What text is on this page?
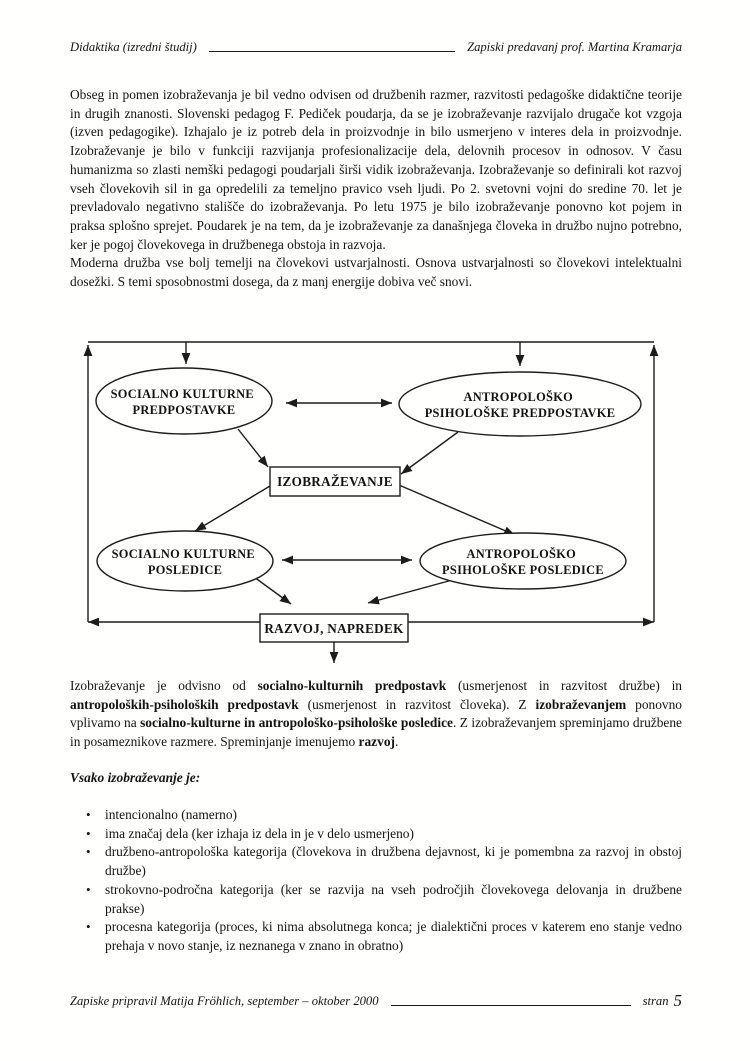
Didaktika (izredni študij)	Zapiski predavanj prof. Martina Kramarja

Obseg in pomen izobraževanja je bil vedno odvisen od družbenih razmer, razvitosti pedagoške didaktične teorije in drugih znanosti. Slovenski pedagog F. Pediček poudarja, da se je izobraževanje razvijalo drugače kot vzgoja (izven pedagogike). Izhajalo je iz potreb dela in proizvodnje in bilo usmerjeno v interes dela in proizvodnje. Izobraževanje je bilo v funkciji razvijanja profesionalizacije dela, delovnih procesov in odnosov. V času humanizma so zlasti nemški pedagogi poudarjali širši vidik izobraževanja. Izobraževanje so definirali kot razvoj vseh človekovih sil in ga opredelili za temeljno pravico vseh ljudi. Po 2. svetovni vojni do sredine 70. let je prevladovalo negativno stališče do izobraževanja. Po letu 1975 je bilo izobraževanje ponovno kot pojem in praksa splošno sprejet. Poudarek je na tem, da je izobraževanje za današnjega človeka in družbo nujno potrebno, ker je pogoj človekovega in družbenega obstoja in razvoja.

Moderna družba vse bolj temelji na človekovi ustvarjalnosti. Osnova ustvarjalnosti so človekovi intelektualni dosežki. S temi sposobnostmi dosega, da z manj energije dobiva več snovi.

SOCIALNO KULTURNE PREDPOSTAVKE
ANTROPOLOŠKO PSIHOLOŠKE PREDPOSTAVKE
SOCIALNO KULTURNE POSLEDICE
ANTROPOLOŠKO PSIHOLOŠKE POSLEDICE
IZOBRAŽEVANJE
RAZVOJ, NAPREDEK

Izobraževanje je odvisno od socialno-kulturnih predpostavk (usmerjenost in razvitost družbe) in antropoloških-psiholoških predpostavk (usmerjenost in razvitost človeka). Z izobraževanjem ponovno vplivamo na socialno-kulturne in antropološko-psihološke posledice. Z izobraževanjem spreminjamo družbene in posameznikove razmere. Spreminjanje imenujemo razvoj.

Vsako izobraževanje je:
•	intencionalno (namerno)
•	ima značaj dela (ker izhaja iz dela in je v delo usmerjeno)
•	družbeno-antropološka kategorija (človekova in družbena dejavnost, ki je pomembna za razvoj in obstoj družbe)
•	strokovno-področna kategorija (ker se razvija na vseh področjih človekovega delovanja in družbene prakse)
•	procesna kategorija (proces, ki nima absolutnega konca; je dialektični proces v katerem eno stanje vedno prehaja v novo stanje, iz neznanega v znano in obratno)
Zapiske pripravil Matija Fröhlich, september – oktober 2000	stran 5
